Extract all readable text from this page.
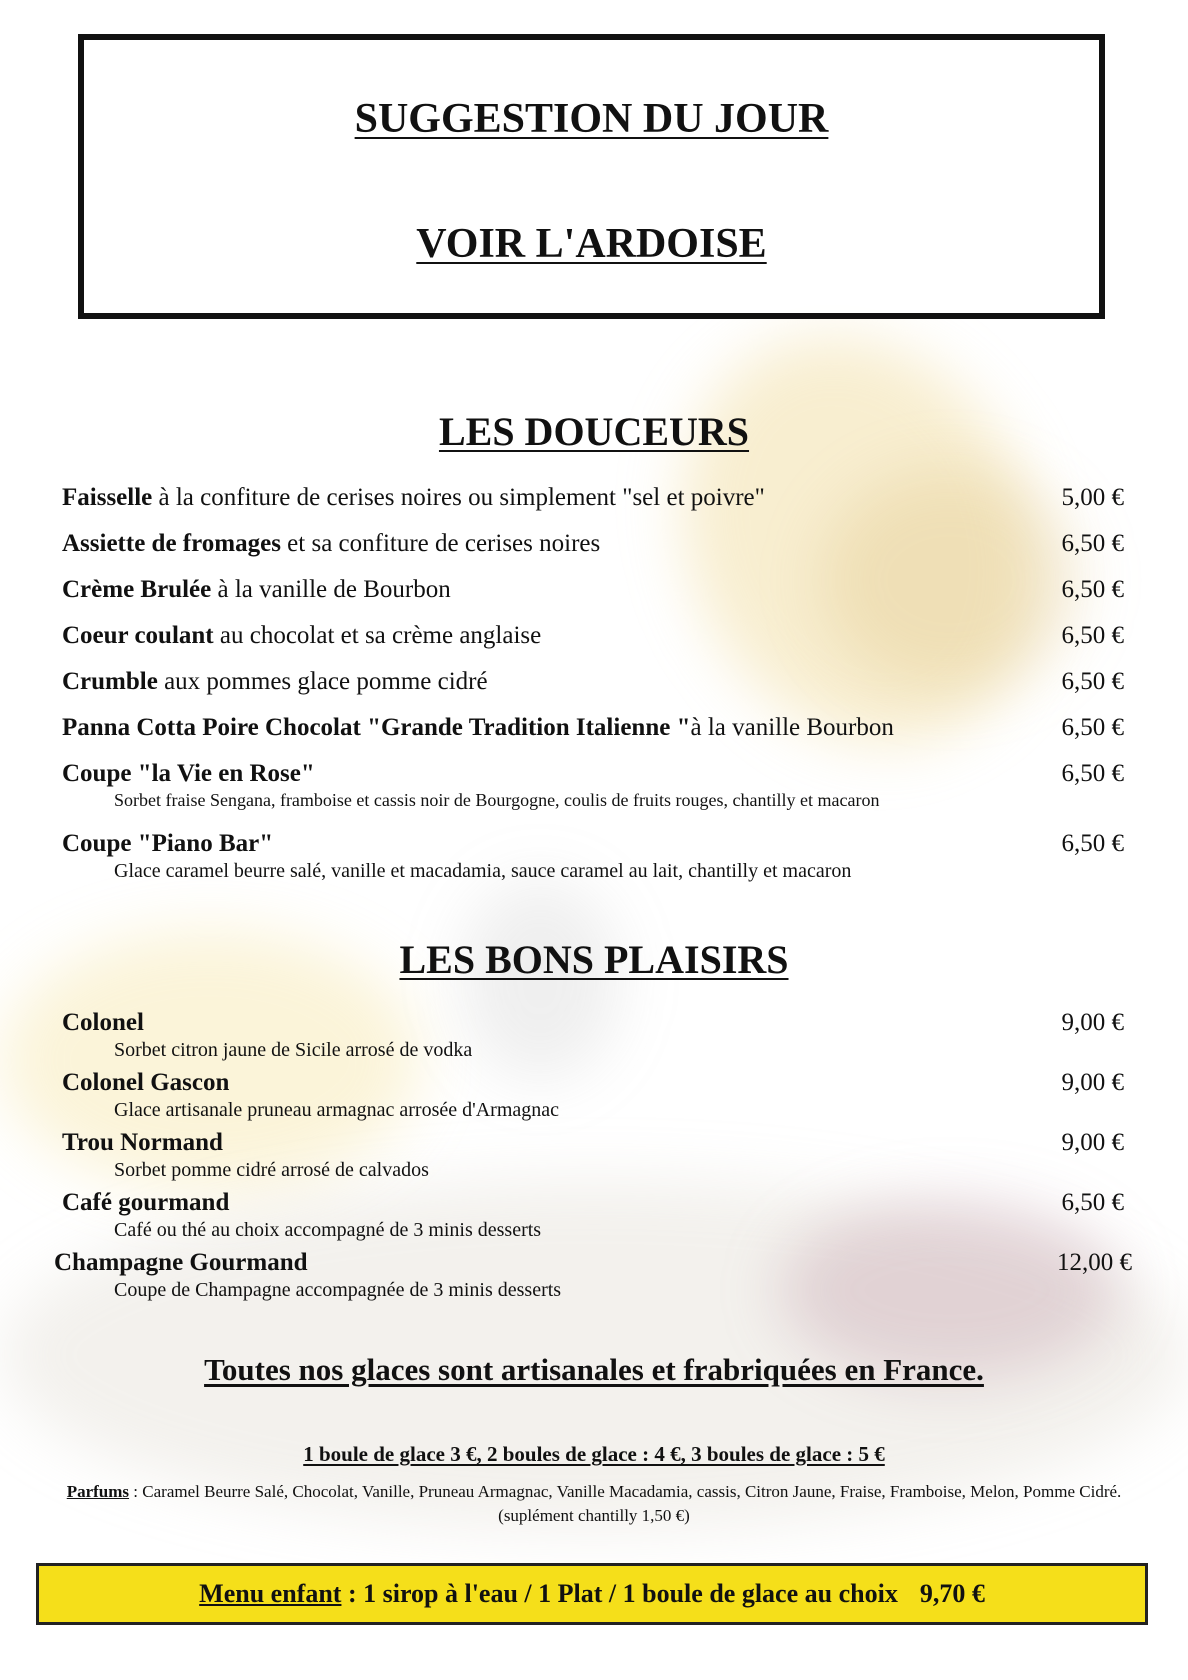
SUGGESTION DU JOUR
VOIR L'ARDOISE
LES DOUCEURS
Faisselle à la confiture de cerises noires ou simplement "sel et poivre"	5,00 €
Assiette de fromages et sa confiture de cerises noires	6,50 €
Crème Brulée à la vanille de Bourbon	6,50 €
Coeur coulant au chocolat et sa crème anglaise	6,50 €
Crumble aux pommes glace pomme cidré	6,50 €
Panna Cotta Poire Chocolat "Grande Tradition Italienne "à la vanille Bourbon	6,50 €
Coupe "la Vie en Rose"	6,50 €
Sorbet fraise Sengana, framboise et cassis noir de Bourgogne, coulis de fruits rouges, chantilly et macaron
Coupe "Piano Bar"	6,50 €
Glace caramel beurre salé, vanille et macadamia, sauce caramel au lait, chantilly et macaron
LES BONS PLAISIRS
Colonel	9,00 €
Sorbet citron jaune de Sicile arrosé de vodka
Colonel Gascon	9,00 €
Glace artisanale pruneau armagnac arrosée d'Armagnac
Trou Normand	9,00 €
Sorbet pomme cidré arrosé de calvados
Café gourmand	6,50 €
Café ou thé au choix accompagné de 3 minis desserts
Champagne Gourmand	12,00 €
Coupe de Champagne accompagnée de 3 minis desserts
Toutes nos glaces sont artisanales et frabriquées en France.
1 boule de glace 3 €, 2 boules de glace : 4 €, 3 boules de glace : 5 €
Parfums : Caramel Beurre Salé, Chocolat, Vanille, Pruneau Armagnac, Vanille Macadamia, cassis, Citron Jaune, Fraise, Framboise, Melon, Pomme Cidré. (suplément chantilly 1,50 €)
Menu enfant : 1 sirop à l'eau / 1 Plat / 1 boule de glace au choix 9,70 €
